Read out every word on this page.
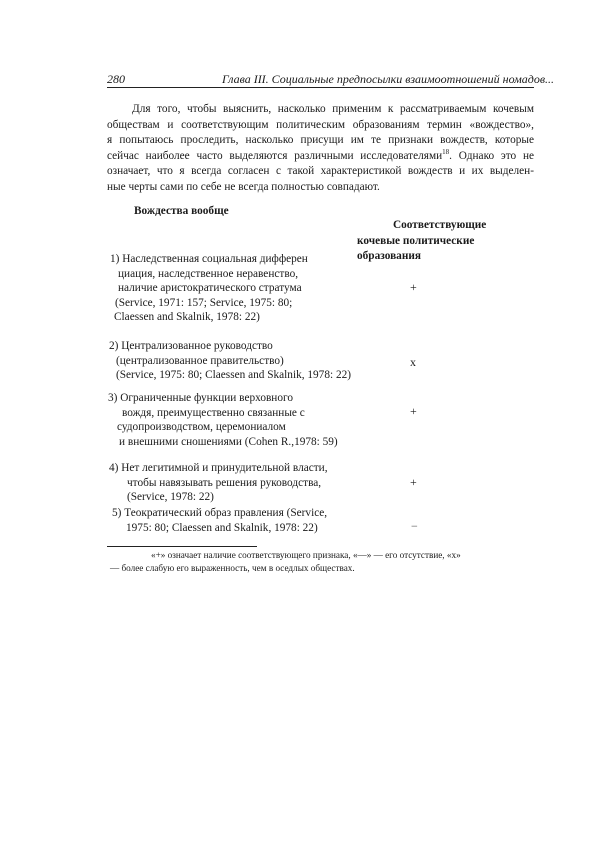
280	Глава III. Социальные предпосылки взаимоотношений номадов...
Для того, чтобы выяснить, насколько применим к рассматриваемым кочевым
обществам и соответствующим политическим образованиям термин «вождество»,
я попытаюсь проследить, насколько присущи им те признаки вождеств, которые
сейчас наиболее часто выделяются различными исследователями$^{18}$. Однако это не
означает, что я всегда согласен с такой характеристикой вождеств и их выделен-
ные черты сами по себе не всегда полностью совпадают.
Вождества вообще
Соответствующие
кочевые политические
образования
1) Наследственная социальная дифферен
циация, наследственное неравенство,
наличие аристократического стратума
(Service, 1971: 157; Service, 1975: 80;
Claessen and Skalnik, 1978: 22)
+
2) Централизованное руководство
(централизованное правительство)
(Service, 1975: 80; Claessen and Skalnik, 1978: 22)
x
3) Ограниченные функции верховного
вождя, преимущественно связанные с
судопроизводством, церемониалом
и внешними сношениями (Cohen R.,1978: 59)
+
4) Нет легитимной и принудительной власти,
чтобы навязывать решения руководства,
(Service, 1978: 22)
+
5) Теократический образ правления (Service,
1975: 80; Claessen and Skalnik, 1978: 22)	−
«+» означает наличие соответствующего признака, «—» — его отсутствие, «x»
— более слабую его выраженность, чем в оседлых обществах.
